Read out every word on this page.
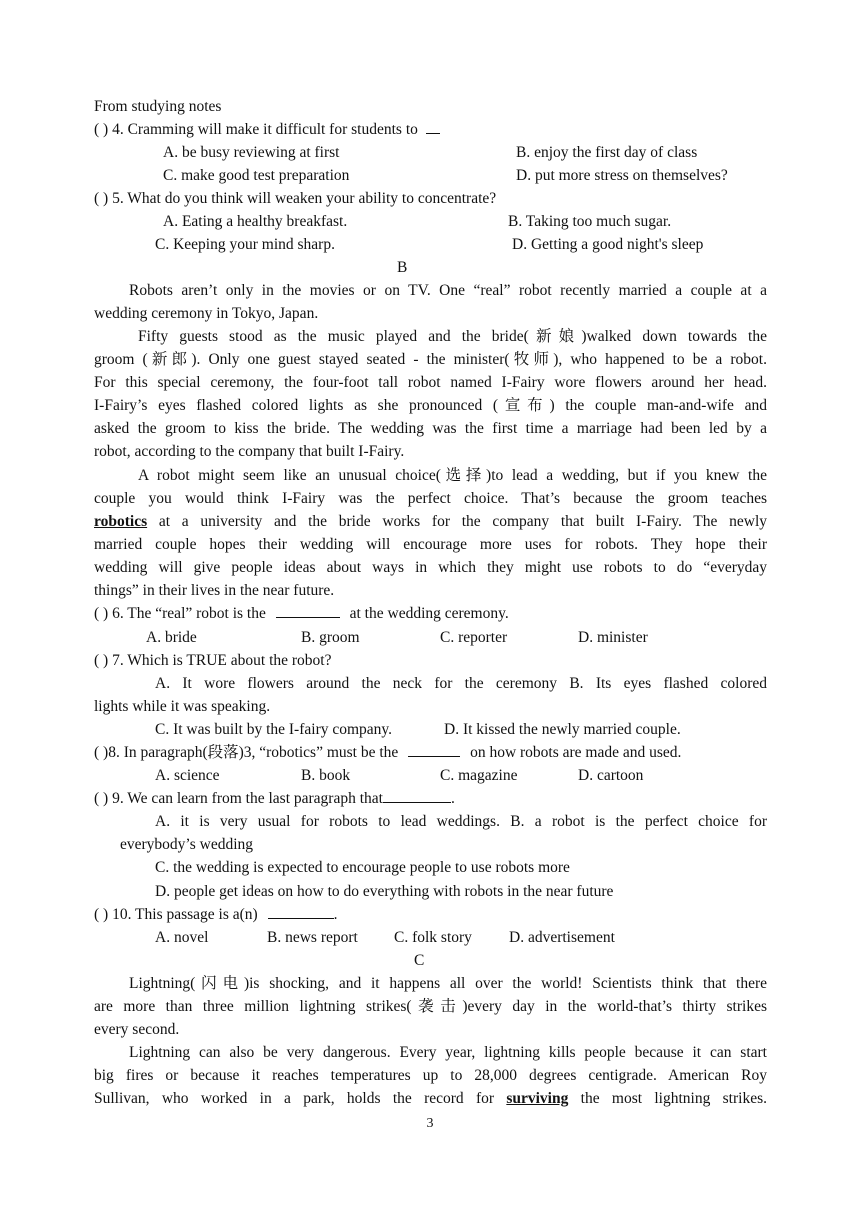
From studying notes
( ) 4. Cramming will make it difficult for students to
A. be busy reviewing at first	B. enjoy the first day of class
C. make good test preparation	D. put more stress on themselves?
( ) 5. What do you think will weaken your ability to concentrate?
A. Eating a healthy breakfast.	B. Taking too much sugar.
C. Keeping your mind sharp.	D. Getting a good night's sleep
B
Robots aren’t only in the movies or on TV. One “real” robot recently married a couple at a
wedding ceremony in Tokyo, Japan.
Fifty guests stood as the music played and the bride(新娘)walked down towards the
groom (新郎). Only one guest stayed seated - the minister(牧师), who happened to be a robot.
For this special ceremony, the four-foot tall robot named I-Fairy wore flowers around her head.
I-Fairy’s eyes flashed colored lights as she pronounced (宣布) the couple man-and-wife and
asked the groom to kiss the bride. The wedding was the first time a marriage had been led by a
robot, according to the company that built I-Fairy.
A robot might seem like an unusual choice(选择)to lead a wedding, but if you knew the
couple you would think I-Fairy was the perfect choice. That’s because the groom teaches
robotics at a university and the bride works for the company that built I-Fairy. The newly
married couple hopes their wedding will encourage more uses for robots. They hope their
wedding will give people ideas about ways in which they might use robots to do “everyday
things” in their lives in the near future.
( ) 6. The “real” robot is the	at the wedding ceremony.
A. bride	B. groom	C. reporter	D. minister
( ) 7. Which is TRUE about the robot?
A. It wore flowers around the neck for the ceremony B. Its eyes flashed colored
lights while it was speaking.
C. It was built by the I-fairy company.	D. It kissed the newly married couple.
( )8. In paragraph(段落)3, “robotics” must be the	on how robots are made and used.
A. science	B. book	C. magazine	D. cartoon
( ) 9. We can learn from the last paragraph that	.
A. it is very usual for robots to lead weddings. B. a robot is the perfect choice for
everybody’s wedding
C. the wedding is expected to encourage people to use robots more
D. people get ideas on how to do everything with robots in the near future
( ) 10. This passage is a(n)	.
A. novel	B. news report C. folk story D. advertisement
C
Lightning(闪电)is shocking, and it happens all over the world! Scientists think that there
are more than three million lightning strikes(袭击)every day in the world-that’s thirty strikes
every second.
Lightning can also be very dangerous. Every year, lightning kills people because it can start
big fires or because it reaches temperatures up to 28,000 degrees centigrade. American Roy
Sullivan, who worked in a park, holds the record for surviving the most lightning strikes.
3
